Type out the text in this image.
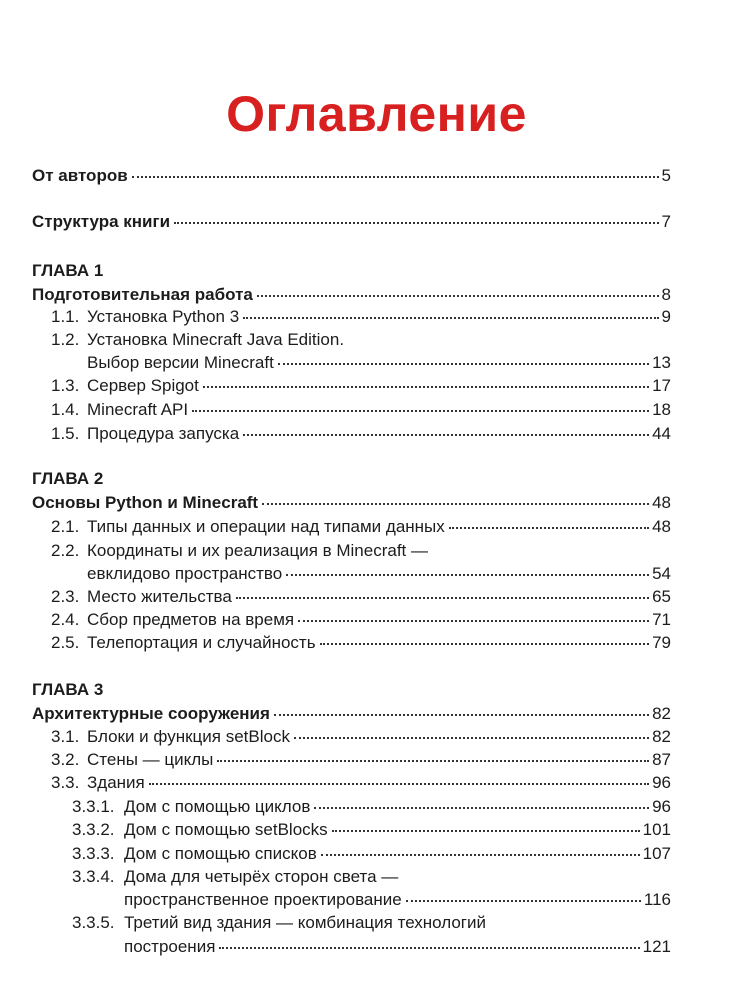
Оглавление
От авторов	5
Структура книги	7
ГЛАВА 1
Подготовительная работа	8
1.1. Установка Python 3	9
1.2. Установка Minecraft Java Edition.
Выбор версии Minecraft	13
1.3. Сервер Spigot	17
1.4. Minecraft API	18
1.5. Процедура запуска	44
ГЛАВА 2
Основы Python и Minecraft	48
2.1. Типы данных и операции над типами данных	48
2.2. Координаты и их реализация в Minecraft —
евклидово пространство	54
2.3. Место жительства	65
2.4. Сбор предметов на время	71
2.5. Телепортация и случайность	79
ГЛАВА 3
Архитектурные сооружения	82
3.1. Блоки и функция setBlock	82
3.2. Стены — циклы	87
3.3. Здания	96
3.3.1. Дом с помощью циклов	96
3.3.2. Дом с помощью setBlocks	101
3.3.3. Дом с помощью списков	107
3.3.4. Дома для четырёх сторон света —
пространственное проектирование	116
3.3.5. Третий вид здания — комбинация технологий
построения	121
